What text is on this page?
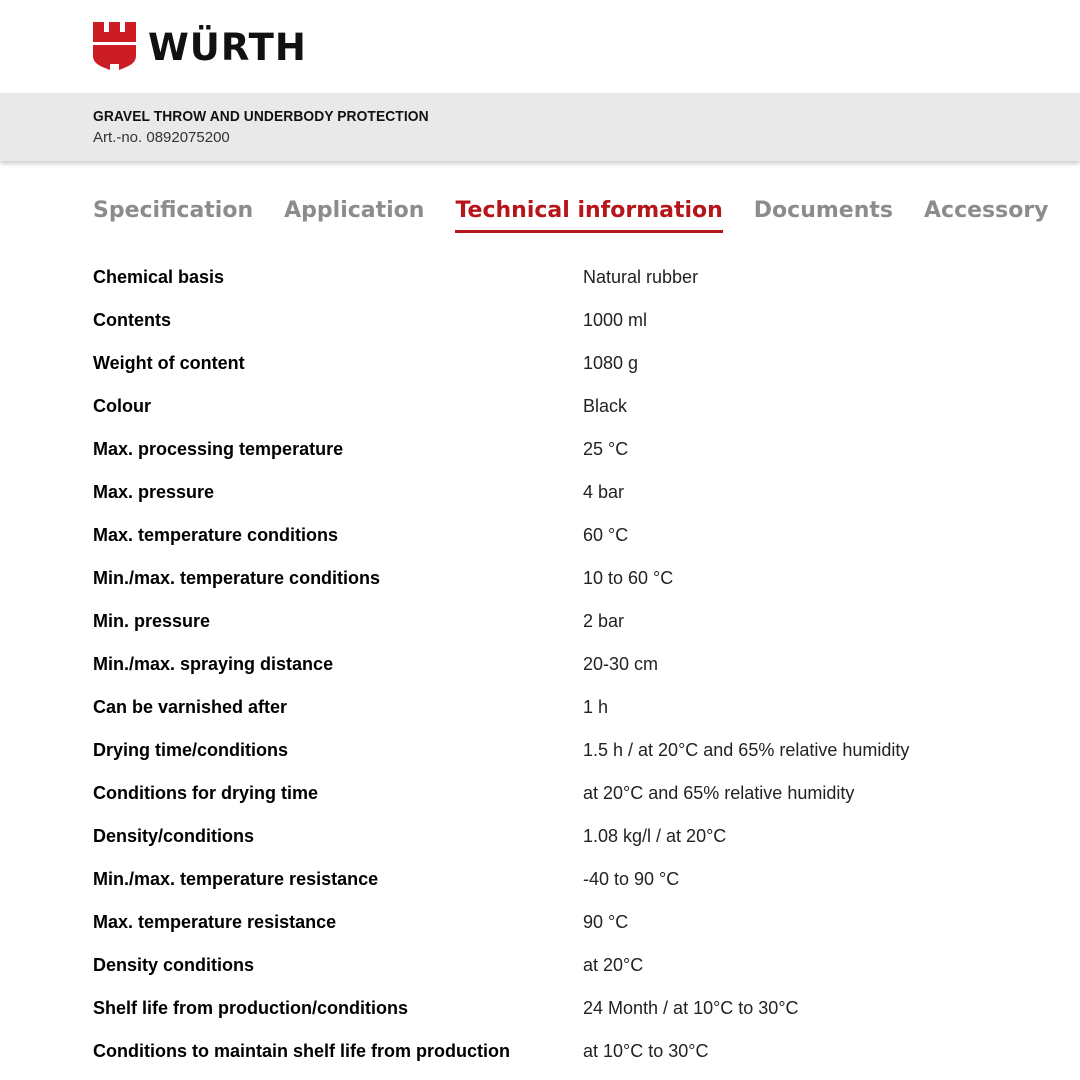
WÜRTH
GRAVEL THROW AND UNDERBODY PROTECTION
Art.-no. 0892075200
Specification Application Technical information Documents Accessory
Chemical basis	Natural rubber
Contents	1000 ml
Weight of content	1080 g
Colour	Black
Max. processing temperature	25 °C
Max. pressure	4 bar
Max. temperature conditions	60 °C
Min./max. temperature conditions	10 to 60 °C
Min. pressure	2 bar
Min./max. spraying distance	20-30 cm
Can be varnished after	1 h
Drying time/conditions	1.5 h / at 20°C and 65% relative humidity
Conditions for drying time	at 20°C and 65% relative humidity
Density/conditions	1.08 kg/l / at 20°C
Min./max. temperature resistance	-40 to 90 °C
Max. temperature resistance	90 °C
Density conditions	at 20°C
Shelf life from production/conditions	24 Month / at 10°C to 30°C
Conditions to maintain shelf life from production	at 10°C to 30°C
